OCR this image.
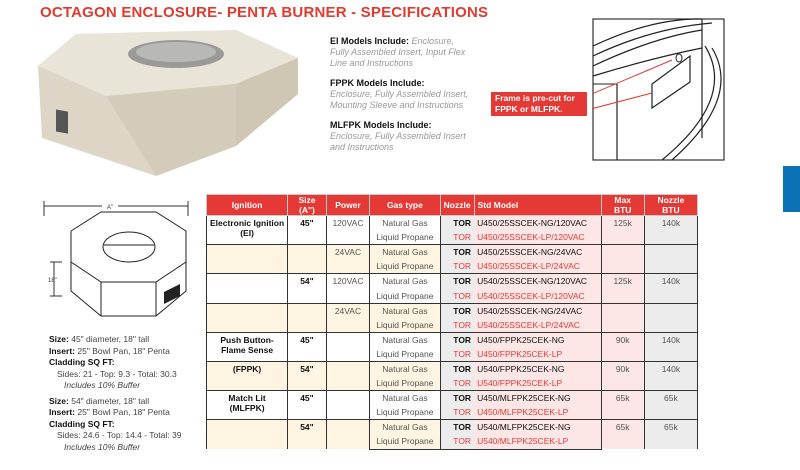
OCTAGON ENCLOSURE- PENTA BURNER - SPECIFICATIONS
EI Models Include: Enclosure, Fully Assembled Insert, Input Flex Line and Instructions
FPPK Models Include:
Enclosure, Fully Assembled Insert, Mounting Sleeve and Instructions
MLFPK Models Include:
Enclosure, Fully Assembled Insert and Instructions
Frame is pre-cut for FPPK or MLFPK.
A"
18"
Size: 45" diameter, 18" tall
Insert: 25" Bowl Pan, 18" Penta
Cladding SQ FT:
Sides: 21 - Top: 9.3 - Total: 30.3
Includes 10% Buffer
Size: 54" diameter, 18" tall
Insert: 25" Bowl Pan, 18" Penta
Cladding SQ FT:
Sides: 24.6 - Top: 14.4 - Total: 39
Includes 10% Buffer
Ignition	Size (A")	Power	Gas type	Nozzle	Std Model	Max BTU	Nozzle BTU
Electronic Ignition
(EI)	45"	120VAC	Natural Gas	TOR	U450/25SSCEK-NG/120VAC	125k	140k
			Liquid Propane	TOR	U450/25SSCEK-LP/120VAC		
		24VAC	Natural Gas	TOR	U450/25SSCEK-NG/24VAC		
			Liquid Propane	TOR	U450/25SSCEK-LP/24VAC		
	54"	120VAC	Natural Gas	TOR	U540/25SSCEK-NG/120VAC	125k	140k
			Liquid Propane	TOR	U540/25SSCEK-LP/120VAC		
		24VAC	Natural Gas	TOR	U540/25SSCEK-NG/24VAC		
			Liquid Propane	TOR	U540/25SSCEK-LP/24VAC		
Push Button-
Flame Sense	45"		Natural Gas	TOR	U450/FPPK25CEK-NG	90k	140k
			Liquid Propane	TOR	U450/FPPK25CEK-LP		
(FPPK)	54"		Natural Gas	TOR	U540/FPPK25CEK-NG	90k	140k
			Liquid Propane	TOR	U540/FPPK25CEK-LP		
Match Lit
(MLFPK)	45"		Natural Gas	TOR	U450/MLFPK25CEK-NG	65k	65k
			Liquid Propane	TOR	U450/MLFPK25CEK-LP		
	54"		Natural Gas	TOR	U540/MLFPK25CEK-NG	65k	65k
			Liquid Propane	TOR	U540/MLFPK25CEK-LP		
